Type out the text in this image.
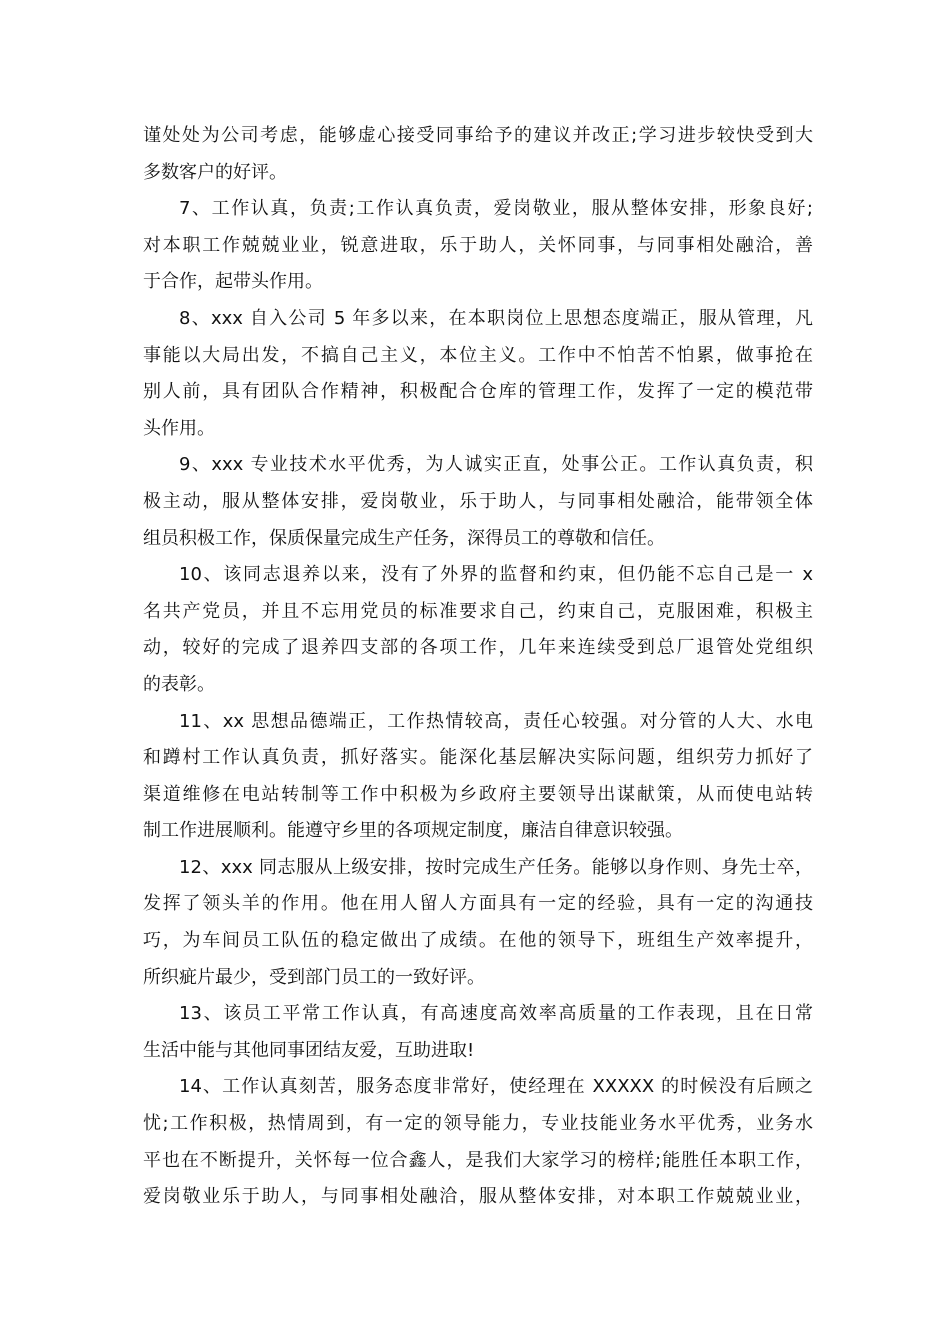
谨处处为公司考虑，能够虚心接受同事给予的建议并改正;学习进步较快受到大
多数客户的好评。
7、工作认真，负责;工作认真负责，爱岗敬业，服从整体安排，形象良好;
对本职工作兢兢业业，锐意进取，乐于助人，关怀同事，与同事相处融洽，善
于合作，起带头作用。
8、xxx 自入公司 5 年多以来，在本职岗位上思想态度端正，服从管理，凡
事能以大局出发，不搞自己主义，本位主义。工作中不怕苦不怕累，做事抢在
别人前，具有团队合作精神，积极配合仓库的管理工作，发挥了一定的模范带
头作用。
9、xxx 专业技术水平优秀，为人诚实正直，处事公正。工作认真负责，积
极主动，服从整体安排，爱岗敬业，乐于助人，与同事相处融洽，能带领全体
组员积极工作，保质保量完成生产任务，深得员工的尊敬和信任。
10、该同志退养以来，没有了外界的监督和约束，但仍能不忘自己是一 x
名共产党员，并且不忘用党员的标准要求自己，约束自己，克服困难，积极主
动，较好的完成了退养四支部的各项工作，几年来连续受到总厂退管处党组织
的表彰。
11、xx 思想品德端正，工作热情较高，责任心较强。对分管的人大、水电
和蹲村工作认真负责，抓好落实。能深化基层解决实际问题，组织劳力抓好了
渠道维修在电站转制等工作中积极为乡政府主要领导出谋献策，从而使电站转
制工作进展顺利。能遵守乡里的各项规定制度，廉洁自律意识较强。
12、xxx 同志服从上级安排，按时完成生产任务。能够以身作则、身先士卒，
发挥了领头羊的作用。他在用人留人方面具有一定的经验，具有一定的沟通技
巧，为车间员工队伍的稳定做出了成绩。在他的领导下，班组生产效率提升，
所织疵片最少，受到部门员工的一致好评。
13、该员工平常工作认真，有高速度高效率高质量的工作表现，且在日常
生活中能与其他同事团结友爱，互助进取!
14、工作认真刻苦，服务态度非常好，使经理在 XXXXX 的时候没有后顾之
忧;工作积极，热情周到，有一定的领导能力，专业技能业务水平优秀，业务水
平也在不断提升，关怀每一位合鑫人，是我们大家学习的榜样;能胜任本职工作，
爱岗敬业乐于助人，与同事相处融洽，服从整体安排，对本职工作兢兢业业，
